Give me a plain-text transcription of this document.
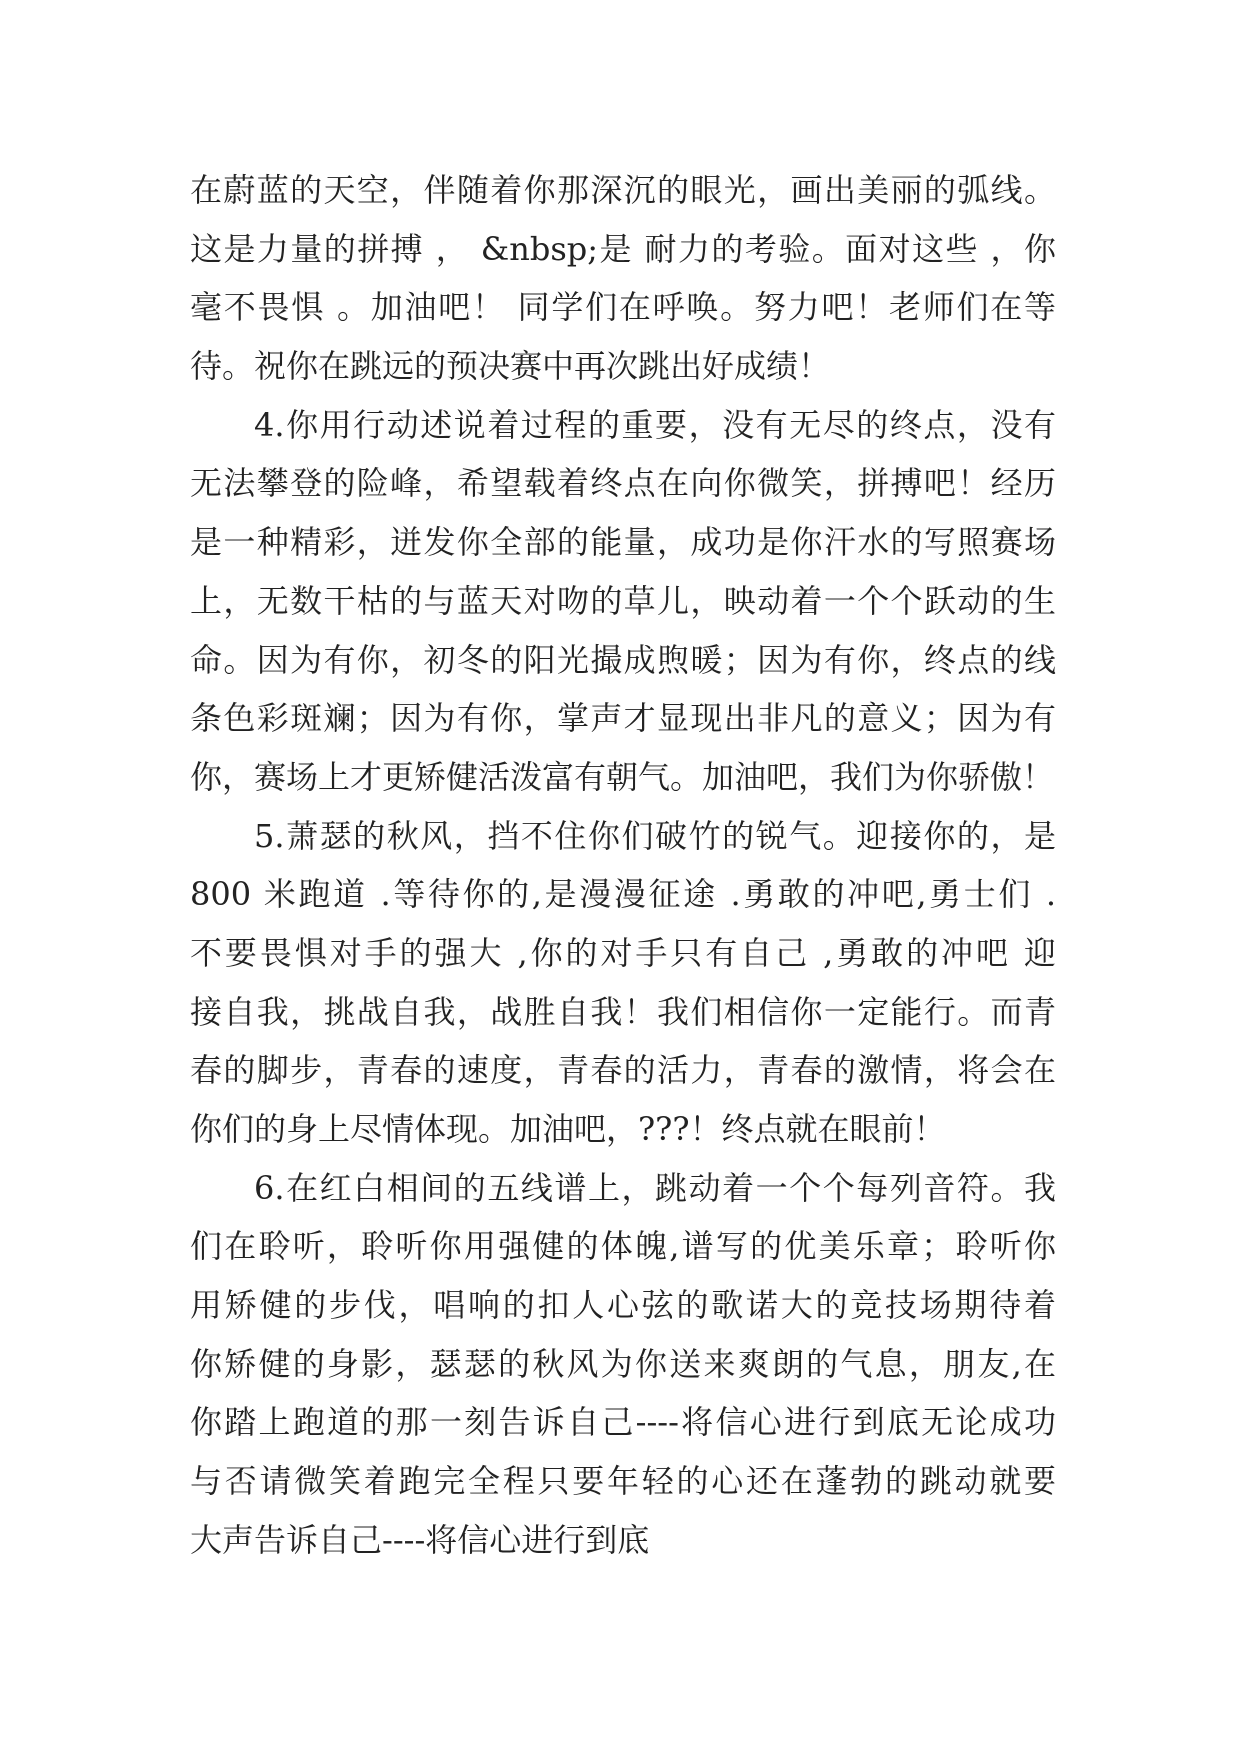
在蔚蓝的天空，伴随着你那深沉的眼光，画出美丽的弧线。
这是力量的拼搏 ， &nbsp;是 耐力的考验。面对这些 ，你
毫不畏惧 。加油吧！ 同学们在呼唤。努力吧！老师们在等
待。祝你在跳远的预决赛中再次跳出好成绩！
4.你用行动述说着过程的重要，没有无尽的终点，没有
无法攀登的险峰，希望载着终点在向你微笑，拼搏吧！经历
是一种精彩，迸发你全部的能量，成功是你汗水的写照赛场
上，无数干枯的与蓝天对吻的草儿，映动着一个个跃动的生
命。因为有你，初冬的阳光撮成煦暖；因为有你，终点的线
条色彩斑斓；因为有你，掌声才显现出非凡的意义；因为有
你，赛场上才更矫健活泼富有朝气。加油吧，我们为你骄傲！
5.萧瑟的秋风，挡不住你们破竹的锐气。迎接你的，是
800 米跑道 .等待你的,是漫漫征途 .勇敢的冲吧,勇士们 .
不要畏惧对手的强大 ,你的对手只有自己 ,勇敢的冲吧 迎
接自我，挑战自我，战胜自我！我们相信你一定能行。而青
春的脚步，青春的速度，青春的活力，青春的激情，将会在
你们的身上尽情体现。加油吧，???！终点就在眼前！
6.在红白相间的五线谱上，跳动着一个个每列音符。我
们在聆听，聆听你用强健的体魄,谱写的优美乐章；聆听你
用矫健的步伐，唱响的扣人心弦的歌诺大的竞技场期待着
你矫健的身影，瑟瑟的秋风为你送来爽朗的气息，朋友,在
你踏上跑道的那一刻告诉自己----将信心进行到底无论成功
与否请微笑着跑完全程只要年轻的心还在蓬勃的跳动就要
大声告诉自己----将信心进行到底
